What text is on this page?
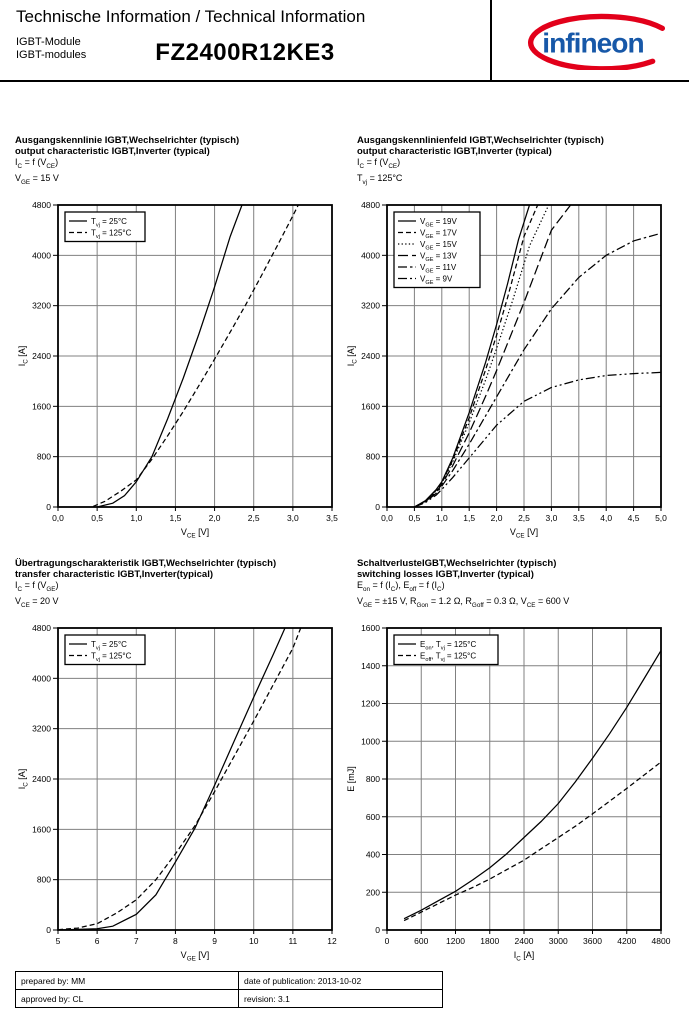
Technische Information / Technical Information
IGBT-Module
IGBT-modules	FZ2400R12KE3	infineon
Ausgangskennlinie IGBT,Wechselrichter (typisch)
output characteristic IGBT,Inverter (typical)
$I_C = f$ $(V_{CE})$
$V_{GE} = 15$ V
0,0	0,5	1,0	1,5	2,0	2,5	3,0	3,5
0
800
1600
2400
3200
4000
4800
$V_{CE}$ [V]
$I_C$ [A]
$T_{vj} = 25^\circ C$
$T_{vj} = 125^\circ C$
Ausgangskennlinienfeld IGBT,Wechselrichter (typisch)
output characteristic IGBT,Inverter (typical)
$I_C = f$ $(V_{CE})$
$T_{vj} = 125^\circ C$
0,0 0,5 1,0 1,5 2,0 2,5 3,0 3,5 4,0 4,5 5,0
0
800
1600
2400
3200
4000
4800
$V_{CE}$ [V]
$I_C$ [A]
$V_{GE} = 19V$
$V_{GE} = 17V$
$V_{GE} = 15V$
$V_{GE} = 13V$
$V_{GE} = 11V$
$V_{GE} = 9V$
Übertragungscharakteristik IGBT,Wechselrichter (typisch)
transfer characteristic IGBT,Inverter(typical)
$I_C = f$ $(V_{GE})$
$V_{CE} = 20$ V
5	6	7	8	9	10	11	12
0
800
1600
2400
3200
4000
4800
$V_{GE}$ [V]
$I_C$ [A]
$T_{vj} = 25^\circ C$
$T_{vj} = 125^\circ C$
SchaltverlusteIGBT,Wechselrichter (typisch)
switching losses IGBT,Inverter (typical)
$E_{on} = f$ $(I_C)$, $E_{off} = f$ $(I_C)$
$V_{GE} = \pm 15$ V, $R_{Gon} = 1.2$ Ω, $R_{Goff} = 0.3$ Ω, $V_{CE} = 600$ V
0	600 1200 1800 2400 3000 3600 4200 4800
0
200
400
600
800
1000
1200
1400
1600
$I_C$ [A]
E [mJ]
$E_{on}$, $T_{vj} = 125^\circ C$
$E_{off}$, $T_{vj} = 125^\circ C$
prepared by: MM	date of publication: 2013-10-02
approved by: CL	revision: 3.1
